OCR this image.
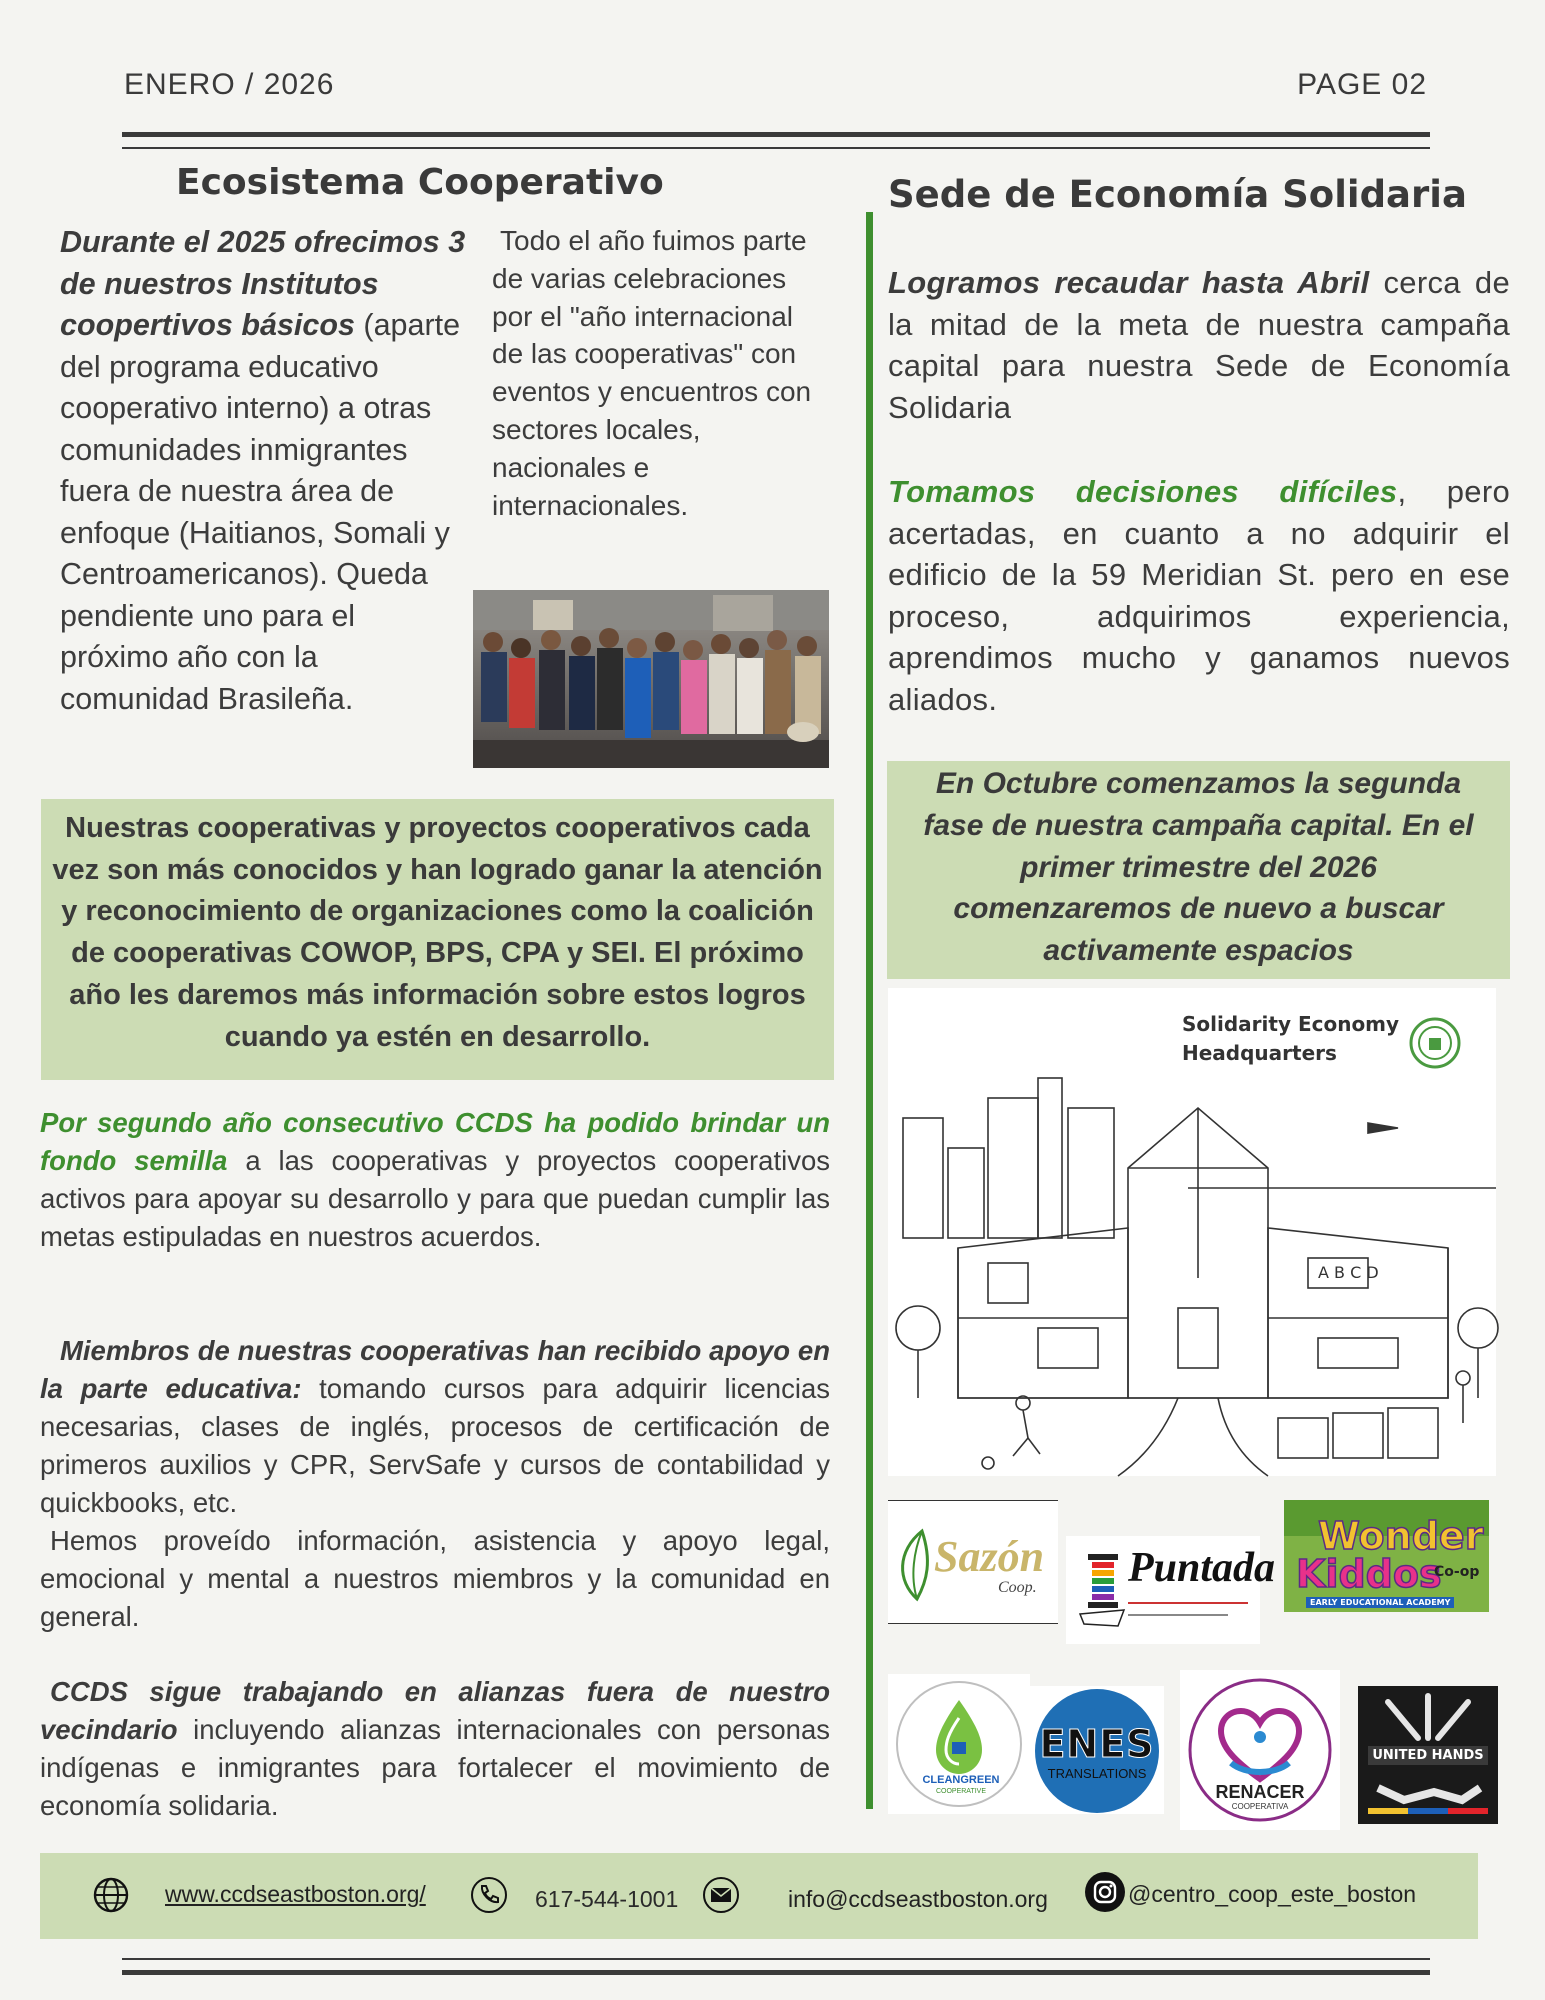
ENERO / 2026	PAGE 02
Ecosistema Cooperativo

Durante el 2025 ofrecimos 3 de nuestros Institutos coopertivos básicos (aparte del programa educativo cooperativo interno) a otras comunidades inmigrantes fuera de nuestra área de enfoque (Haitianos, Somali y Centroamericanos). Queda pendiente uno para el próximo año con la comunidad Brasileña.

Todo el año fuimos parte de varias celebraciones por el "año internacional de las cooperativas" con eventos y encuentros con sectores locales, nacionales e internacionales.

Nuestras cooperativas y proyectos cooperativos cada vez son más conocidos y han logrado ganar la atención y reconocimiento de organizaciones como la coalición de cooperativas COWOP, BPS, CPA y SEI. El próximo año les daremos más información sobre estos logros cuando ya estén en desarrollo.

Por segundo año consecutivo CCDS ha podido brindar un fondo semilla a las cooperativas y proyectos cooperativos activos para apoyar su desarrollo y para que puedan cumplir las metas estipuladas en nuestros acuerdos.

Miembros de nuestras cooperativas han recibido apoyo en la parte educativa: tomando cursos para adquirir licencias necesarias, clases de inglés, procesos de certificación de primeros auxilios y CPR, ServSafe y cursos de contabilidad y quickbooks, etc.

Hemos proveído información, asistencia y apoyo legal, emocional y mental a nuestros miembros y la comunidad en general.

CCDS sigue trabajando en alianzas fuera de nuestro vecindario incluyendo alianzas internacionales con personas indígenas e inmigrantes para fortalecer el movimiento de economía solidaria.

Sede de Economía Solidaria

Logramos recaudar hasta Abril cerca de la mitad de la meta de nuestra campaña capital para nuestra Sede de Economía Solidaria

Tomamos decisiones difíciles, pero acertadas, en cuanto a no adquirir el edificio de la 59 Meridian St. pero en ese proceso, adquirimos experiencia, aprendimos mucho y ganamos nuevos aliados.

En Octubre comenzamos la segunda fase de nuestra campaña capital. En el primer trimestre del 2026 comenzaremos de nuevo a buscar activamente espacios

Solidarity Economy Headquarters
A B C D
Sazón
Coop. Puntada
Wonder
Kiddos
Co-op
EARLY EDUCATIONAL ACADEMY
CLEANGREEN
COOPERATIVE
ENES
TRANSLATIONS
RENACER
COOPERATIVA
UNITED HANDS
www.ccdseastboston.org/	617-544-1001	info@ccdseastboston.org	@centro_coop_este_boston
